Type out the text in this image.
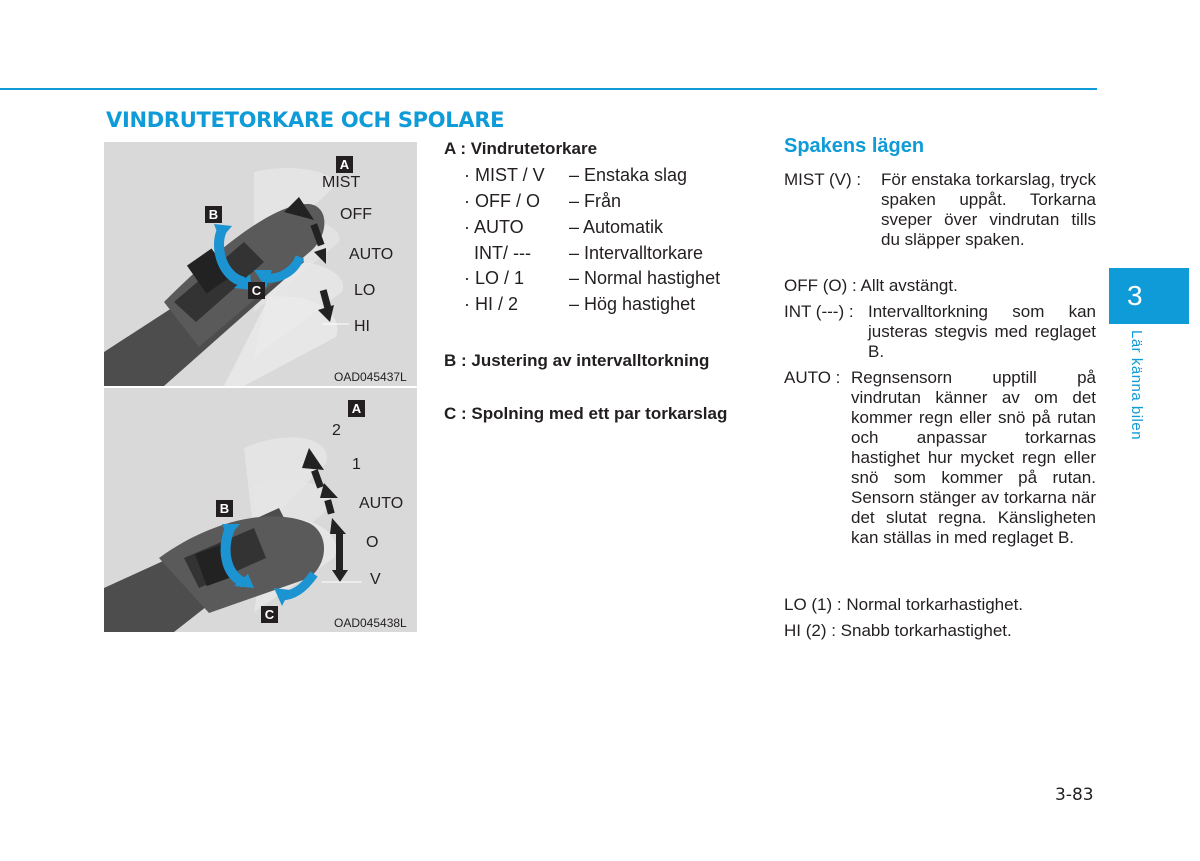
VINDRUTETORKARE OCH SPOLARE
A
B
C
MIST
OFF
AUTO
LO
HI
OAD045437L
A
B
C
2
1
AUTO
O
V
OAD045438L
A : Vindrutetorkare
· MIST / V – Enstaka slag
· OFF / O – Från
· AUTO	– Automatik
INT/ --- – Intervalltorkare
· LO / 1 – Normal hastighet
· HI / 2	– Hög hastighet
B : Justering av intervalltorkning
C : Spolning med ett par torkarslag
Spakens lägen
MIST (V) : För enstaka torkarslag, tryck spaken uppåt. Torkarna sveper över vindrutan tills du släpper spaken.
OFF (O) : Allt avstängt.
INT (---) : Intervalltorkning som kan justeras stegvis med reglaget B.
AUTO : Regnsensorn upptill på vindrutan känner av om det kommer regn eller snö på rutan och anpassar torkarnas hastighet hur mycket regn eller snö som kommer på rutan. Sensorn stänger av torkarna när det slutat regna. Känsligheten kan ställas in med reglaget B.
LO (1) : Normal torkarhastighet.
HI (2) : Snabb torkarhastighet.
3
Lär känna bilen
3-83
